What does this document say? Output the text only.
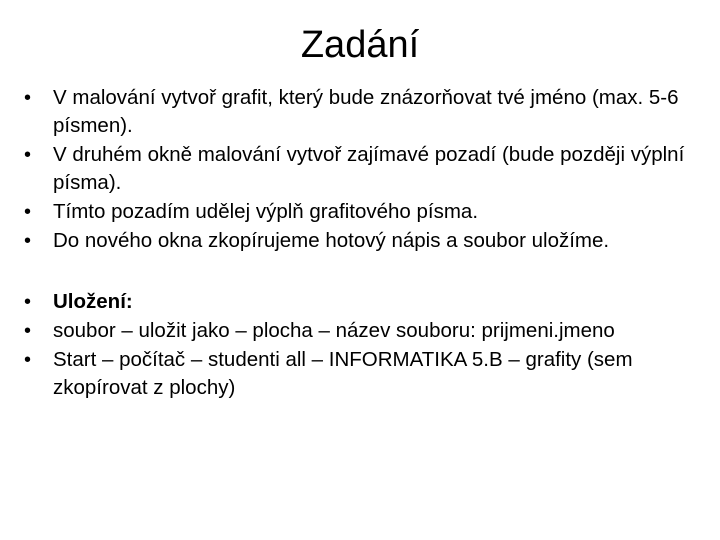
Zadání
• V malování vytvoř grafit, který bude znázorňovat tvé jméno (max. 5-6 písmen).
• V druhém okně malování vytvoř zajímavé pozadí (bude později výplní písma).
• Tímto pozadím udělej výplň grafitového písma.
• Do nového okna zkopírujeme hotový nápis a soubor uložíme.
• Uložení:
• soubor – uložit jako – plocha – název souboru: prijmeni.jmeno
• Start – počítač – studenti all – INFORMATIKA 5.B – grafity (sem zkopírovat z plochy)
